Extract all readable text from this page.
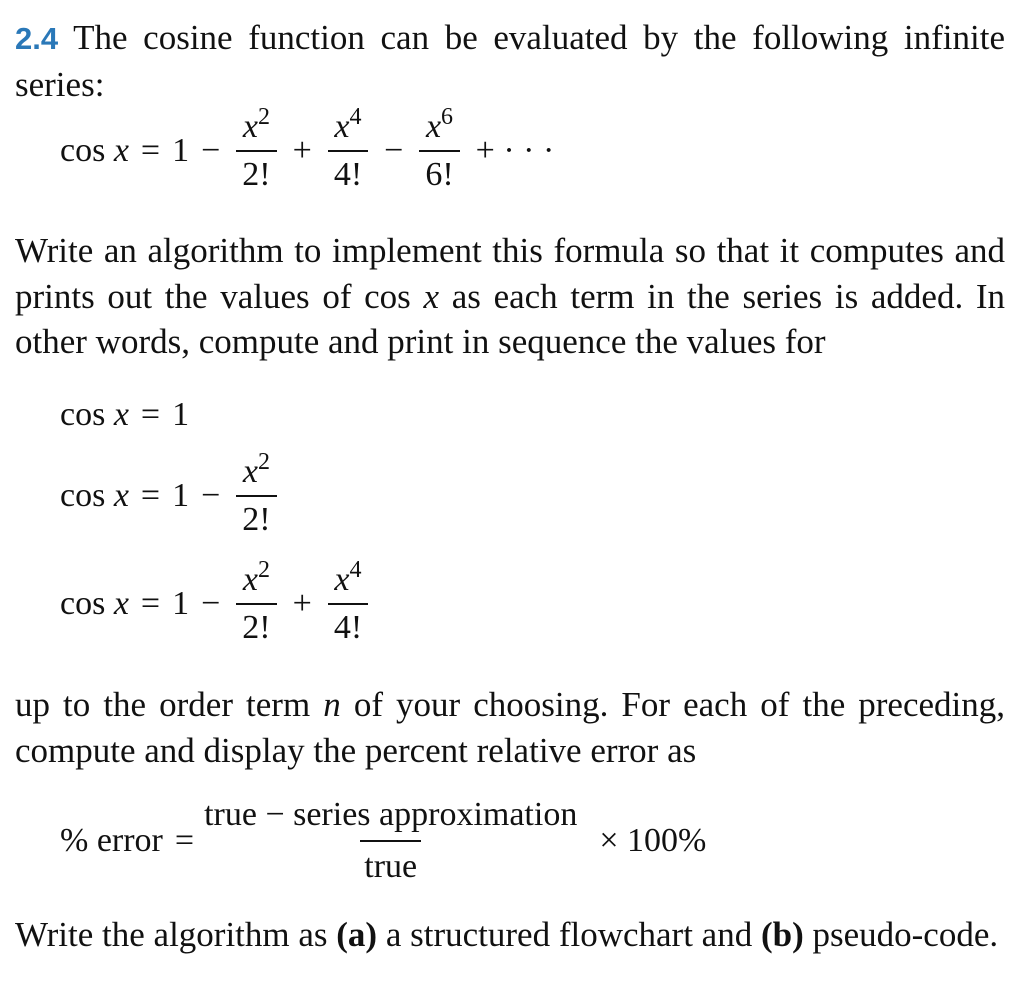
2.4 The cosine function can be evaluated by the following infinite series:

cos
$x = 1 - \frac{x^2}{2!} + \frac{x^4}{4!} - \frac{x^6}{6!}$ + · · ·

Write an algorithm to implement this formula so that it computes and prints out the values of cos x as each term in the series is added. In other words, compute and print in sequence the values for

cos
x = 1
cos
$x = 1 - \frac{x^2}{2!}$
cos
$x = 1 - \frac{x^2}{2!} + \frac{x^4}{4!}$

up to the order term n of your choosing. For each of the preceding, compute and display the percent relative error as

% error = $\frac{\text{true − series approximation}}{\text{true}} \times 100\%$

Write the algorithm as (a) a structured flowchart and (b) pseudo-code.
